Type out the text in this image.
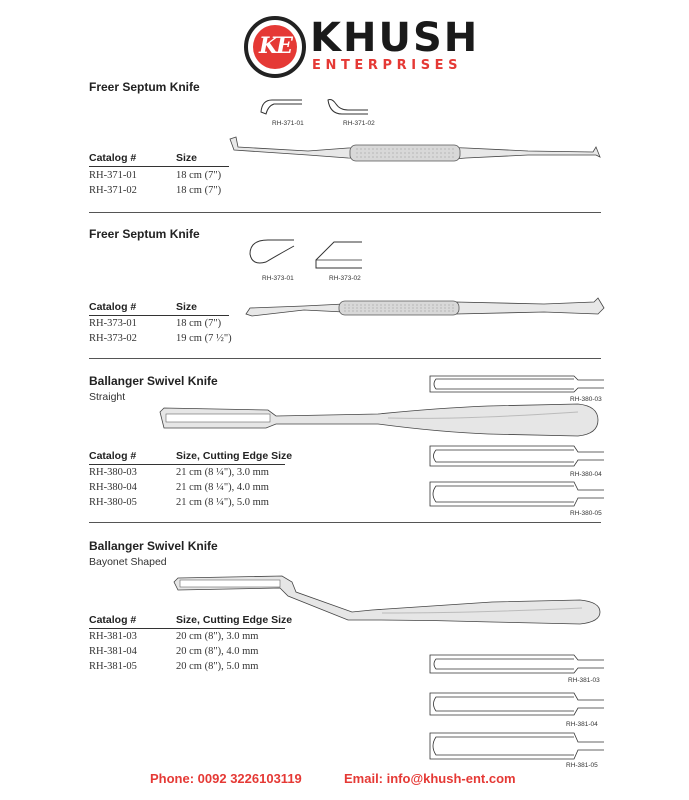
KE KHUSH
ENTERPRISES
Freer Septum Knife
Catalog #	Size
RH-371-01	18 cm (7")
RH-371-02	18 cm (7")
RH-371-01	RH-371-02
Freer Septum Knife
Catalog #	Size
RH-373-01	18 cm (7")
RH-373-02	19 cm (7 ½")
RH-373-01	RH-373-02
Ballanger Swivel Knife
Straight
Catalog #	Size, Cutting Edge Size
RH-380-03	21 cm (8 ¼"), 3.0 mm
RH-380-04	21 cm (8 ¼"), 4.0 mm
RH-380-05	21 cm (8 ¼"), 5.0 mm
RH-380-03
RH-380-04
RH-380-05
Ballanger Swivel Knife
Bayonet Shaped
Catalog #	Size, Cutting Edge Size
RH-381-03	20 cm (8"), 3.0 mm
RH-381-04	20 cm (8"), 4.0 mm
RH-381-05	20 cm (8"), 5.0 mm
RH-381-03
RH-381-04
RH-381-05
Phone: 0092 3226103119	Email: info@khush-ent.com
